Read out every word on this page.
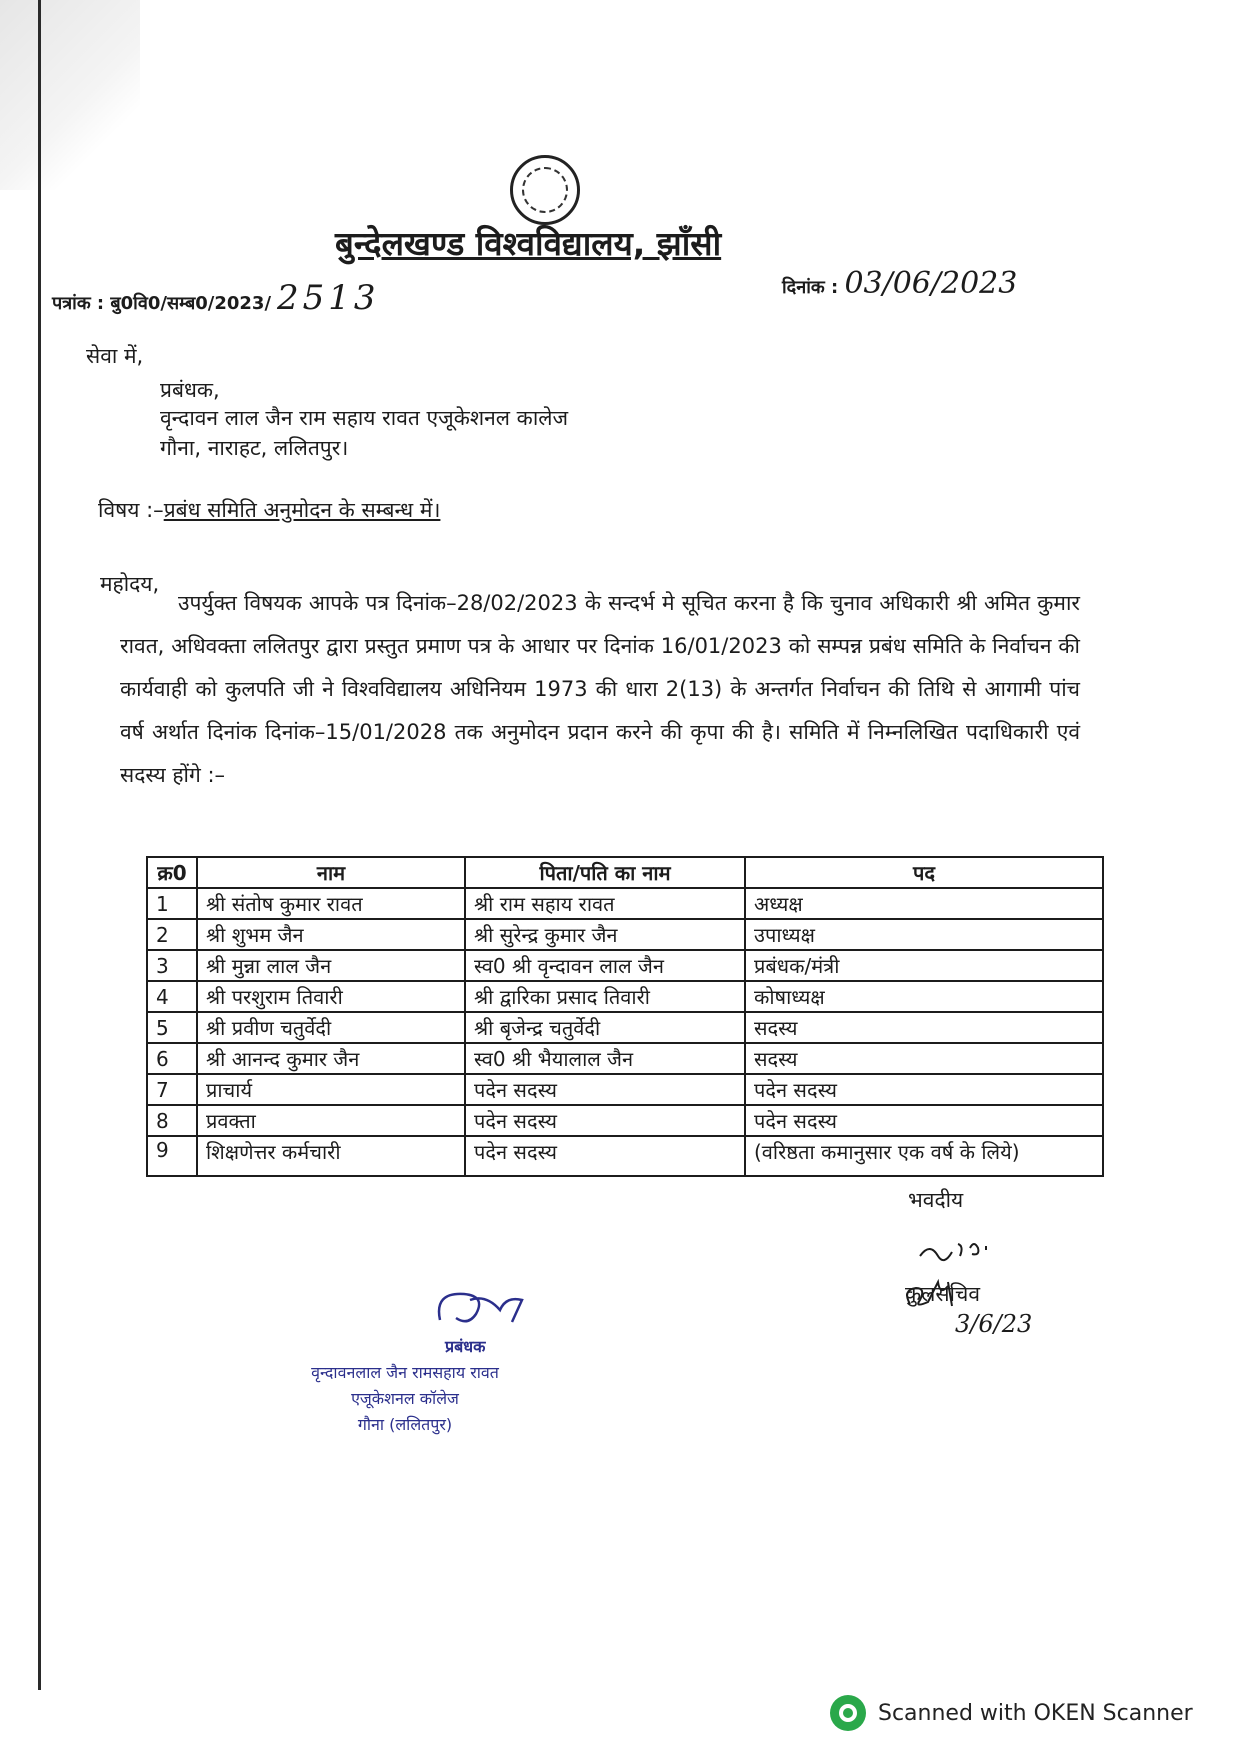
बुन्देलखण्ड विश्वविद्यालय, झाँसी
पत्रांक : बु0वि0/सम्ब0/2023/ 2513	दिनांक : 03/06/2023
सेवा में,
प्रबंधक,
वृन्दावन लाल जैन राम सहाय रावत एजूकेशनल कालेज
गौना, नाराहट, ललितपुर।
विषय :–प्रबंध समिति अनुमोदन के सम्बन्ध में।
महोदय,
उपर्युक्त विषयक आपके पत्र दिनांक–28/02/2023 के सन्दर्भ मे सूचित करना है कि चुनाव अधिकारी श्री अमित कुमार रावत, अधिवक्ता ललितपुर द्वारा प्रस्तुत प्रमाण पत्र के आधार पर दिनांक 16/01/2023 को सम्पन्न प्रबंध समिति के निर्वाचन की कार्यवाही को कुलपति जी ने विश्वविद्यालय अधिनियम 1973 की धारा 2(13) के अन्तर्गत निर्वाचन की तिथि से आगामी पांच वर्ष अर्थात दिनांक दिनांक–15/01/2028 तक अनुमोदन प्रदान करने की कृपा की है। समिति में निम्नलिखित पदाधिकारी एवं सदस्य होंगे :–
क्र0	नाम	पिता/पति का नाम	पद
1	श्री संतोष कुमार रावत	श्री राम सहाय रावत	अध्यक्ष
2	श्री शुभम जैन	श्री सुरेन्द्र कुमार जैन	उपाध्यक्ष
3	श्री मुन्ना लाल जैन	स्व0 श्री वृन्दावन लाल जैन	प्रबंधक/मंत्री
4	श्री परशुराम तिवारी	श्री द्वारिका प्रसाद तिवारी	कोषाध्यक्ष
5	श्री प्रवीण चतुर्वेदी	श्री बृजेन्द्र चतुर्वेदी	सदस्य
6	श्री आनन्द कुमार जैन	स्व0 श्री भैयालाल जैन	सदस्य
7	प्राचार्य	पदेन सदस्य	पदेन सदस्य
8	प्रवक्ता	पदेन सदस्य	पदेन सदस्य
9	शिक्षणेत्तर कर्मचारी	पदेन सदस्य	(वरिष्ठता कमानुसार एक वर्ष के लिये)
भवदीय
कुलसचिव
3/6/23
प्रबंधक
वृन्दावनलाल जैन रामसहाय रावत
एजूकेशनल कॉलेज
गौना (ललितपुर)
Scanned with OKEN Scanner
